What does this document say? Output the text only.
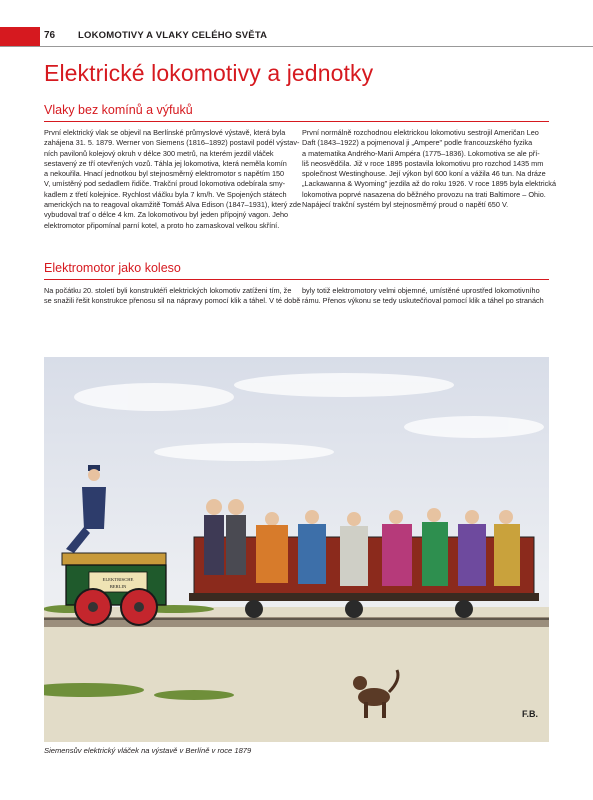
76 LOKOMOTIVY A VLAKY CELÉHO SVĚTA
Elektrické lokomotivy a jednotky
Vlaky bez komínů a výfuků
První elektrický vlak se objevil na Berlínské průmyslové výstavě, která byla
zahájena 31. 5. 1879. Werner von Siemens (1816–1892) postavil podél výstav-
ních pavilonů kolejový okruh v délce 300 metrů, na kterém jezdil vláček
sestavený ze tří otevřených vozů. Táhla jej lokomotiva, která neměla komín
a nekouřila. Hnací jednotkou byl stejnosměrný elektromotor s napětím 150
V, umístěný pod sedadlem řidiče. Trakční proud lokomotiva odebírala smy-
kadlem z třetí kolejnice. Rychlost vláčku byla 7 km/h. Ve Spojených státech
amerických na to reagoval okamžitě Tomáš Alva Edison (1847–1931), který zde
vybudoval trať o délce 4 km. Za lokomotivou byl jeden přípojný vagon. Jeho
elektromotor připomínal parní kotel, a proto ho zamaskoval velkou skříní.
První normálně rozchodnou elektrickou lokomotivu sestrojil Američan Leo
Daft (1843–1922) a pojmenoval ji „Ampere" podle francouzského fyzika
a matematika Andrého-Marii Ampéra (1775–1836). Lokomotiva se ale pří-
liš neosvědčila. Již v roce 1895 postavila lokomotivu pro rozchod 1435 mm
společnost Westinghouse. Její výkon byl 600 koní a vážila 46 tun. Na dráze
„Lackawanna & Wyoming" jezdila až do roku 1926. V roce 1895 byla elektrická
lokomotiva poprvé nasazena do běžného provozu na trati Baltimore – Ohio.
Napájecí trakční systém byl stejnosměrný proud o napětí 650 V.
Elektromotor jako koleso
Na počátku 20. století byli konstruktéři elektrických lokomotiv zatíženi tím, že
se snažili řešit konstrukce přenosu sil na nápravy pomocí klik a táhel. V té době
byly totiž elektromotory velmi objemné, umístěné uprostřed lokomotivního
rámu. Přenos výkonu se tedy uskutečňoval pomocí klik a táhel po stranách
ELEKTRISCHE
BERLIN
F.B.
Siemensův elektrický vláček na výstavě v Berlíně v roce 1879
